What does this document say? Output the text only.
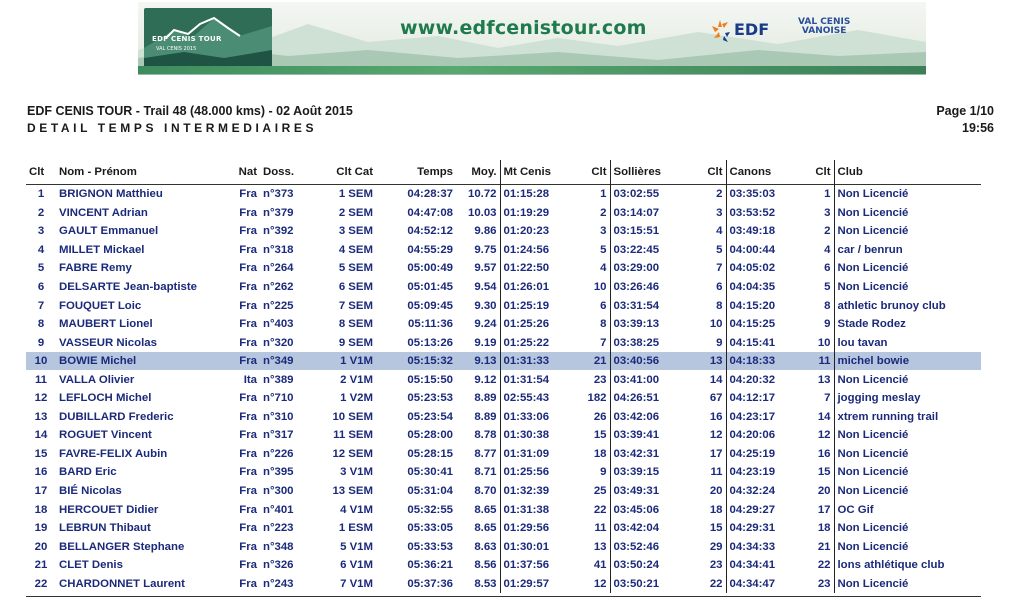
EDF CENIS TOUR
VAL CENIS 2015
www.edfcenistour.com	EDF	VAL CENIS
VANOISE
EDF CENIS TOUR - Trail 48 (48.000 kms) - 02 Août 2015
DETAIL TEMPS INTERMEDIAIRES
Page 1/10
19:56
Clt	Nom - Prénom	Nat	Doss.	Clt Cat	Temps	Moy.	Mt Cenis	Clt	Sollières	Clt	Canons	Clt	Club
1	BRIGNON Matthieu	Fra	n°373	1 SEM	04:28:37	10.72	01:15:28	1	03:02:55	2	03:35:03	1	Non Licencié
2	VINCENT Adrian	Fra	n°379	2 SEM	04:47:08	10.03	01:19:29	2	03:14:07	3	03:53:52	3	Non Licencié
3	GAULT Emmanuel	Fra	n°392	3 SEM	04:52:12	9.86	01:20:23	3	03:15:51	4	03:49:18	2	Non Licencié
4	MILLET Mickael	Fra	n°318	4 SEM	04:55:29	9.75	01:24:56	5	03:22:45	5	04:00:44	4	car / benrun
5	FABRE Remy	Fra	n°264	5 SEM	05:00:49	9.57	01:22:50	4	03:29:00	7	04:05:02	6	Non Licencié
6	DELSARTE Jean-baptiste	Fra	n°262	6 SEM	05:01:45	9.54	01:26:01	10	03:26:46	6	04:04:35	5	Non Licencié
7	FOUQUET Loic	Fra	n°225	7 SEM	05:09:45	9.30	01:25:19	6	03:31:54	8	04:15:20	8	athletic brunoy club
8	MAUBERT Lionel	Fra	n°403	8 SEM	05:11:36	9.24	01:25:26	8	03:39:13	10	04:15:25	9	Stade Rodez
9	VASSEUR Nicolas	Fra	n°320	9 SEM	05:13:26	9.19	01:25:22	7	03:38:25	9	04:15:41	10	lou tavan
10	BOWIE Michel	Fra	n°349	1 V1M	05:15:32	9.13	01:31:33	21	03:40:56	13	04:18:33	11	michel bowie
11	VALLA Olivier	Ita	n°389	2 V1M	05:15:50	9.12	01:31:54	23	03:41:00	14	04:20:32	13	Non Licencié
12	LEFLOCH Michel	Fra	n°710	1 V2M	05:23:53	8.89	02:55:43	182	04:26:51	67	04:12:17	7	jogging meslay
13	DUBILLARD Frederic	Fra	n°310	10 SEM	05:23:54	8.89	01:33:06	26	03:42:06	16	04:23:17	14	xtrem running trail
14	ROGUET Vincent	Fra	n°317	11 SEM	05:28:00	8.78	01:30:38	15	03:39:41	12	04:20:06	12	Non Licencié
15	FAVRE-FELIX Aubin	Fra	n°226	12 SEM	05:28:15	8.77	01:31:09	18	03:42:31	17	04:25:19	16	Non Licencié
16	BARD Eric	Fra	n°395	3 V1M	05:30:41	8.71	01:25:56	9	03:39:15	11	04:23:19	15	Non Licencié
17	BIÉ Nicolas	Fra	n°300	13 SEM	05:31:04	8.70	01:32:39	25	03:49:31	20	04:32:24	20	Non Licencié
18	HERCOUET Didier	Fra	n°401	4 V1M	05:32:55	8.65	01:31:38	22	03:45:06	18	04:29:27	17	OC Gif
19	LEBRUN Thibaut	Fra	n°223	1 ESM	05:33:05	8.65	01:29:56	11	03:42:04	15	04:29:31	18	Non Licencié
20	BELLANGER Stephane	Fra	n°348	5 V1M	05:33:53	8.63	01:30:01	13	03:52:46	29	04:34:33	21	Non Licencié
21	CLET Denis	Fra	n°326	6 V1M	05:36:21	8.56	01:37:56	41	03:50:24	23	04:34:41	22	lons athlétique club
22	CHARDONNET Laurent	Fra	n°243	7 V1M	05:37:36	8.53	01:29:57	12	03:50:21	22	04:34:47	23	Non Licencié
